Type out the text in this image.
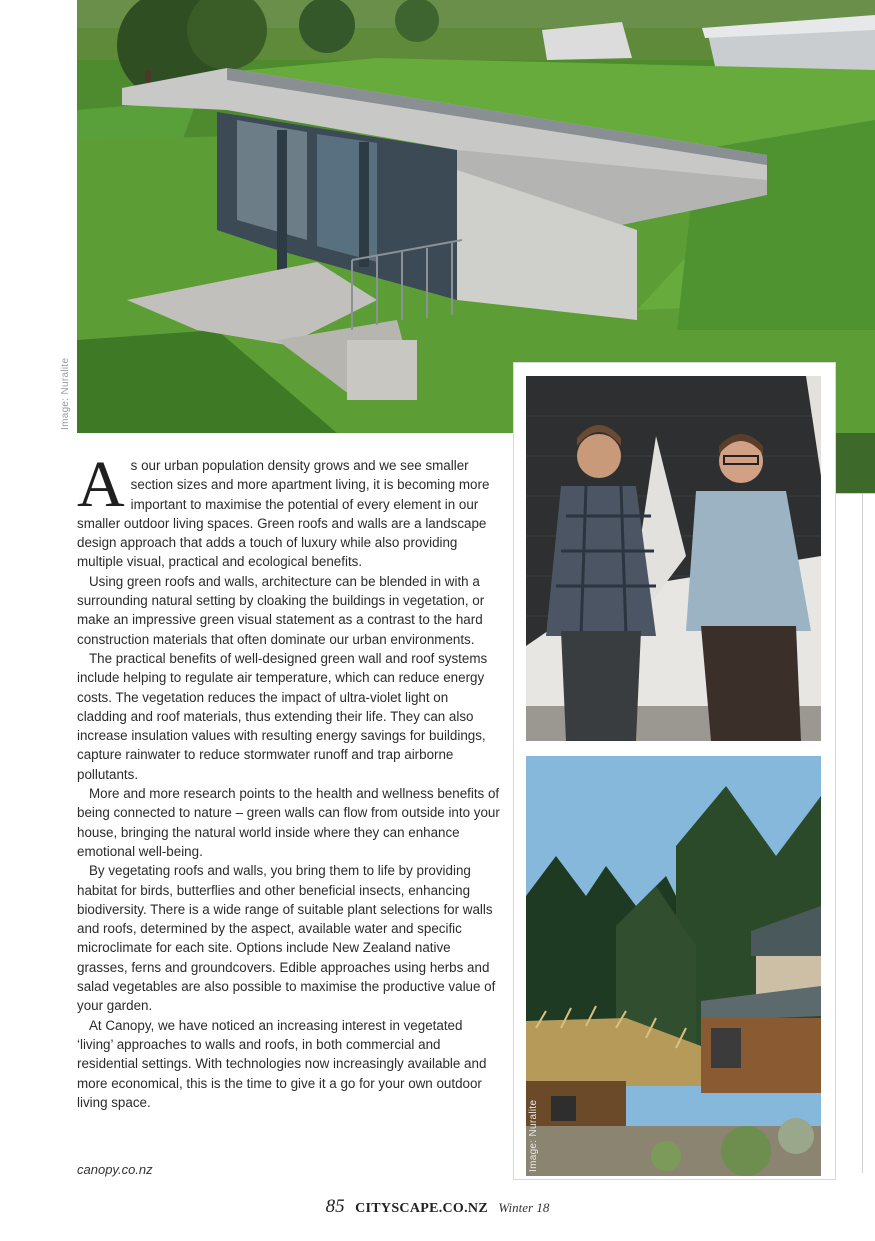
Image: Nuralite
Image: Nuralite

As our urban population density grows and we see smaller section sizes and more apartment living, it is becoming more important to maximise the potential of every element in our smaller outdoor living spaces. Green roofs and walls are a landscape design approach that adds a touch of luxury while also providing multiple visual, practical and ecological benefits.

Using green roofs and walls, architecture can be blended in with a surrounding natural setting by cloaking the buildings in vegetation, or make an impressive green visual statement as a contrast to the hard construction materials that often dominate our urban environments.

The practical benefits of well-designed green wall and roof systems include helping to regulate air temperature, which can reduce energy costs. The vegetation reduces the impact of ultra-violet light on cladding and roof materials, thus extending their life. They can also increase insulation values with resulting energy savings for buildings, capture rainwater to reduce stormwater runoff and trap airborne pollutants.

More and more research points to the health and wellness benefits of being connected to nature – green walls can flow from outside into your house, bringing the natural world inside where they can enhance emotional well-being.

By vegetating roofs and walls, you bring them to life by providing habitat for birds, butterflies and other beneficial insects, enhancing biodiversity. There is a wide range of suitable plant selections for walls and roofs, determined by the aspect, available water and specific microclimate for each site. Options include New Zealand native grasses, ferns and groundcovers. Edible approaches using herbs and salad vegetables are also possible to maximise the productive value of your garden.

At Canopy, we have noticed an increasing interest in vegetated ‘living’ approaches to walls and roofs, in both commercial and residential settings. With technologies now increasingly available and more economical, this is the time to give it a go for your own outdoor living space.

canopy.co.nz
85 CITYSCAPE.CO.NZ Winter 18
